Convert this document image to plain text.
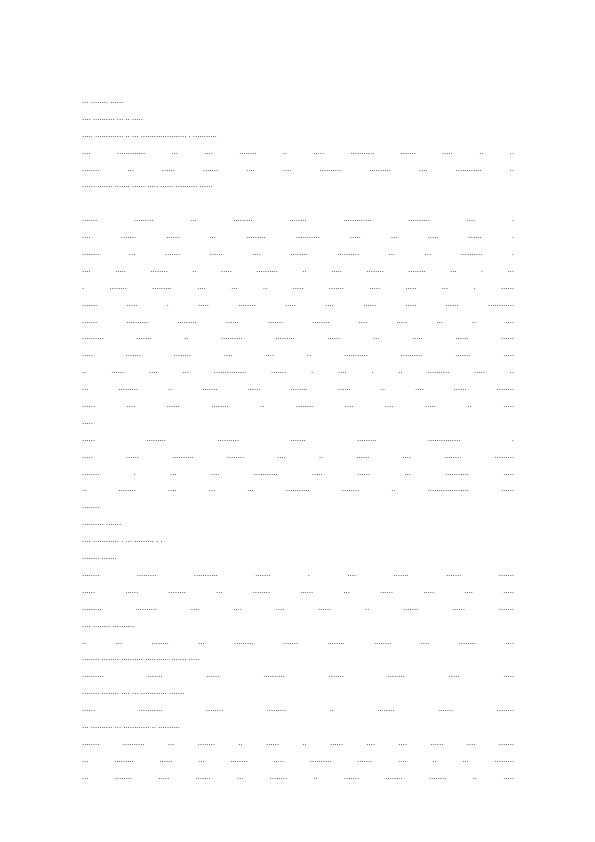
··· ········ ······
···· ·········· ··· ·· ·····
····· ············· ·· ··· ····················· · ···········
···· ············· ··· ···· ········ ·· ····· ··········· ······· ····· ·· ··
········ ··· ······ ······· ···· ···· ·········· ·········· ···· ············ ··
······ ······· ······· ······ ····· ······ ·········· ······
······· ········· ··· ········· ········ ············· ·········· ···· ·
···· ······· ······ ··· ········· ··········· ····· ··· ····· ······ ·
········ ··· ······· ······ ···· ········ ·········· ··· ··· ·········· ·
···· ····· ········ ·· ····· ·········· ·· ····· ········ ········ ··· · ···
· ········ ········· ···· ··· ·· ····· ······· ····· ····· ··· · ······
······· ····· · ····· ········ ····· ···· ······ ····· ······ ············
······· ·········· ········· ······ ······· ········ ···· ····· ··· ·· ····
·········· ······· ·· ·········· ········· ······ ··· ····· ······ ······
····· ······· ········ ···· ···· ·· ··········· ·········· ······· ·····
·· ······ ···· ··· ··············· ······· · ···· · ·· ·········· ····· ··
··· ········· ·· ······· ······ ········ ······ ·· ···· ······ ········
······ ···· ······ ········ ·· ········ ···· ···· ····· ·· ·····
·····
······ ········· ·········· ······· ········· ··············· ·
····· ······ ·········· ········ ···· ·· ······ ···· ········ ·········
········ · ··· ···· ··········· ····· ······ ··· ··········· ·····
·· ········ ···· ··· ··· ··········· ········ ·· ··················· ······
········
·········· ·······
···· ············ · ··· ········· · ·
········ ·······
········ ········· ··········· ······· · ···· ······· ······· ·······
······ ······ ········ ··· ········ ······ ··· ······ ····· ···· ·····
········· ·········· ···· ···· ···· ······ ·· ······· ······ ·······
···· ········ ··········
·· ··· ········ ··· ········· ······· ········ ········ ···· ········ ····
········ ········ ·········· ··········· ······· ·····
·········· ······· ······ ·········· ······· ········ ····· ·····
········ ········ ···· ··· ············ ·······
······ ··········· ········ ········· ·· ········ ······· ········
··· ·········· ··· ············ ·· ··········
········ ·········· ··· ········ ·· ······ ·· ······ ···· ···· ······ ···· ·······
··· ········· ······ ··· ········ ····· ·········· ······· ···· ·· ··· ·········
··· ········ ····· ······· ··· ········ ·· ······· ········ ········ ·· ·····
